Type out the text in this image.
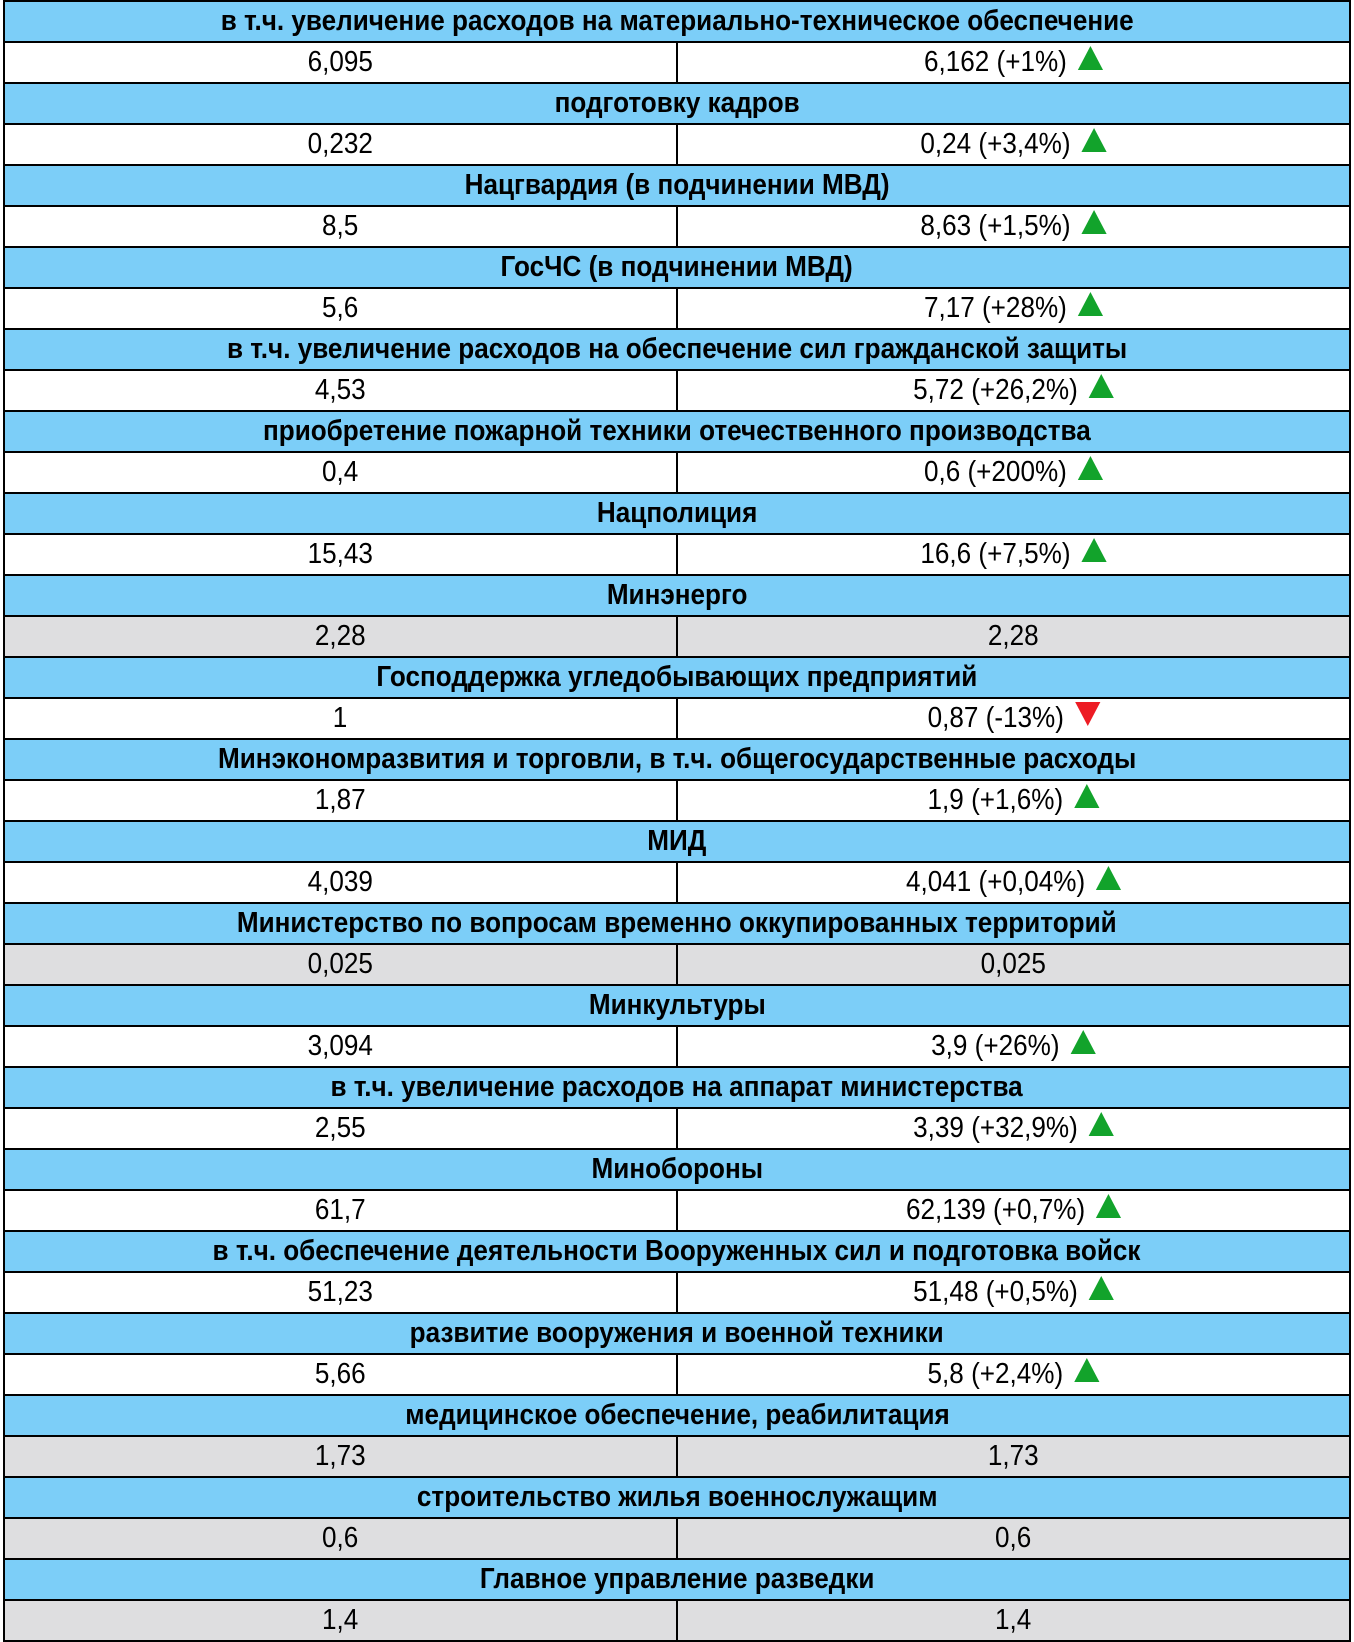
в т.ч. увеличение расходов на материально-техническое обеспечение	
6,095	6,162 (+1%)
подготовку кадров	
0,232	0,24 (+3,4%)
Нацгвардия (в подчинении МВД)	
8,5	8,63 (+1,5%)
ГосЧС (в подчинении МВД)	
5,6	7,17 (+28%)
в т.ч. увеличение расходов на обеспечение сил гражданской защиты	
4,53	5,72 (+26,2%)
приобретение пожарной техники отечественного производства	
0,4	0,6 (+200%)
Нацполиция	
15,43	16,6 (+7,5%)
Минэнерго	
2,28	2,28
Господдержка угледобывающих предприятий	
1	0,87 (-13%)
Минэкономразвития и торговли, в т.ч. общегосударственные расходы	
1,87	1,9 (+1,6%)
МИД	
4,039	4,041 (+0,04%)
Министерство по вопросам временно оккупированных территорий	
0,025	0,025
Минкультуры	
3,094	3,9 (+26%)
в т.ч. увеличение расходов на аппарат министерства	
2,55	3,39 (+32,9%)
Минобороны	
61,7	62,139 (+0,7%)
в т.ч. обеспечение деятельности Вооруженных сил и подготовка войск	
51,23	51,48 (+0,5%)
развитие вооружения и военной техники	
5,66	5,8 (+2,4%)
медицинское обеспечение, реабилитация	
1,73	1,73
строительство жилья военнослужащим	
0,6	0,6
Главное управление разведки	
1,4	1,4
